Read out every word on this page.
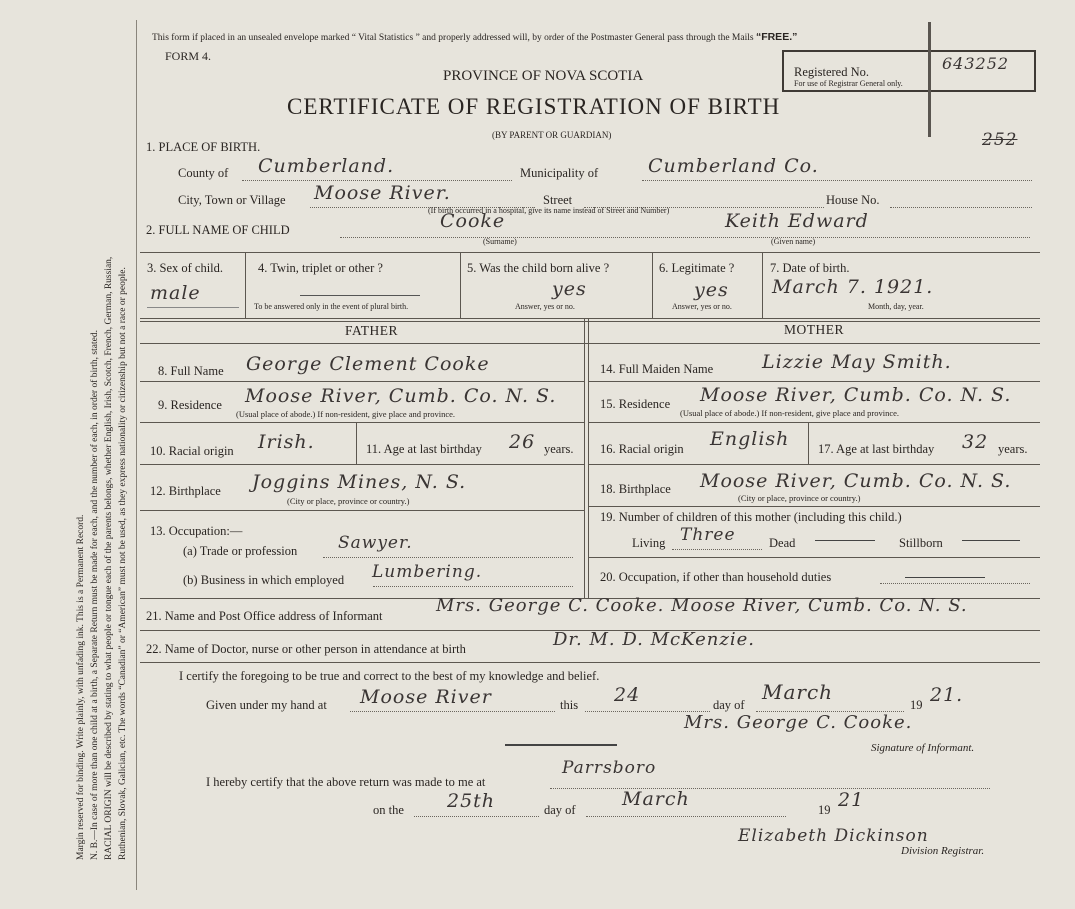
Margin reserved for binding. Write plainly, with unfading ink. This is a Permanent Record. N. B.—In case of more than one child at a birth, a Separate Return must be made for each, and the number of each, in order of birth, stated. RACIAL ORIGIN will be described by stating to what people or tongue each of the parents belongs, whether English, Irish, Scotch, French, German, Russian, Ruthenian, Slovak, Galician, etc. The words “Canadian” or “American” must not be used, as they express nationality or citizenship but not a race or people.
This form if placed in an unsealed envelope marked “ Vital Statistics ” and properly addressed will, by order of the Postmaster General pass through the Mails “FREE.”
FORM 4.
PROVINCE OF NOVA SCOTIA
CERTIFICATE OF REGISTRATION OF BIRTH
(BY PARENT OR GUARDIAN)
Registered No.	643252
For use of Registrar General only.
252
1. PLACE OF BIRTH.
County of Cumberland.	Municipality of	Cumberland Co.
City, Town or Village Moose River.	Street	House No.
(If birth occurred in a hospital, give its name instead of Street and Number)
2. FULL NAME OF CHILD	Cooke
(Surname)
Keith Edward
(Given name)
3. Sex of child.
male
4. Twin, triplet or other ?
To be answered only in the event of plural birth.
5. Was the child born alive ?
yes
Answer, yes or no.
6. Legitimate ?
yes
Answer, yes or no.
7. Date of birth.
March 7. 1921.
Month, day, year.
FATHER	MOTHER
8. Full Name George Clement Cooke
9. Residence Moose River, Cumb. Co. N. S.
(Usual place of abode.) If non-resident, give place and province.
10. Racial origin Irish.	11. Age at last birthday 26 years.
12. Birthplace Joggins Mines, N. S.
(City or place, province or country.)
13. Occupation:—
(a) Trade or profession Sawyer.
(b) Business in which employed Lumbering.
14. Full Maiden Name	Lizzie May Smith.
15. Residence Moose River, Cumb. Co. N. S.
(Usual place of abode.) If non-resident, give place and province.
16. Racial origin English 17. Age at last birthday 32 years.
18. Birthplace Moose River, Cumb. Co. N. S.
(City or place, province or country.)
19. Number of children of this mother (including this child.)
Living Three	Dead	Stillborn
20. Occupation, if other than household duties
21. Name and Post Office address of Informant	Mrs. George C. Cooke. Moose River, Cumb. Co. N. S.
22. Name of Doctor, nurse or other person in attendance at birth	Dr. M. D. McKenzie.
I certify the foregoing to be true and correct to the best of my knowledge and belief.
Given under my hand at Moose River	this 24	day of
March
19 21.
Mrs. George C. Cooke.
Signature of Informant.
I hereby certify that the above return was made to me at
Parrsboro
on the 25th	day of March	19 21
Elizabeth Dickinson
Division Registrar.
